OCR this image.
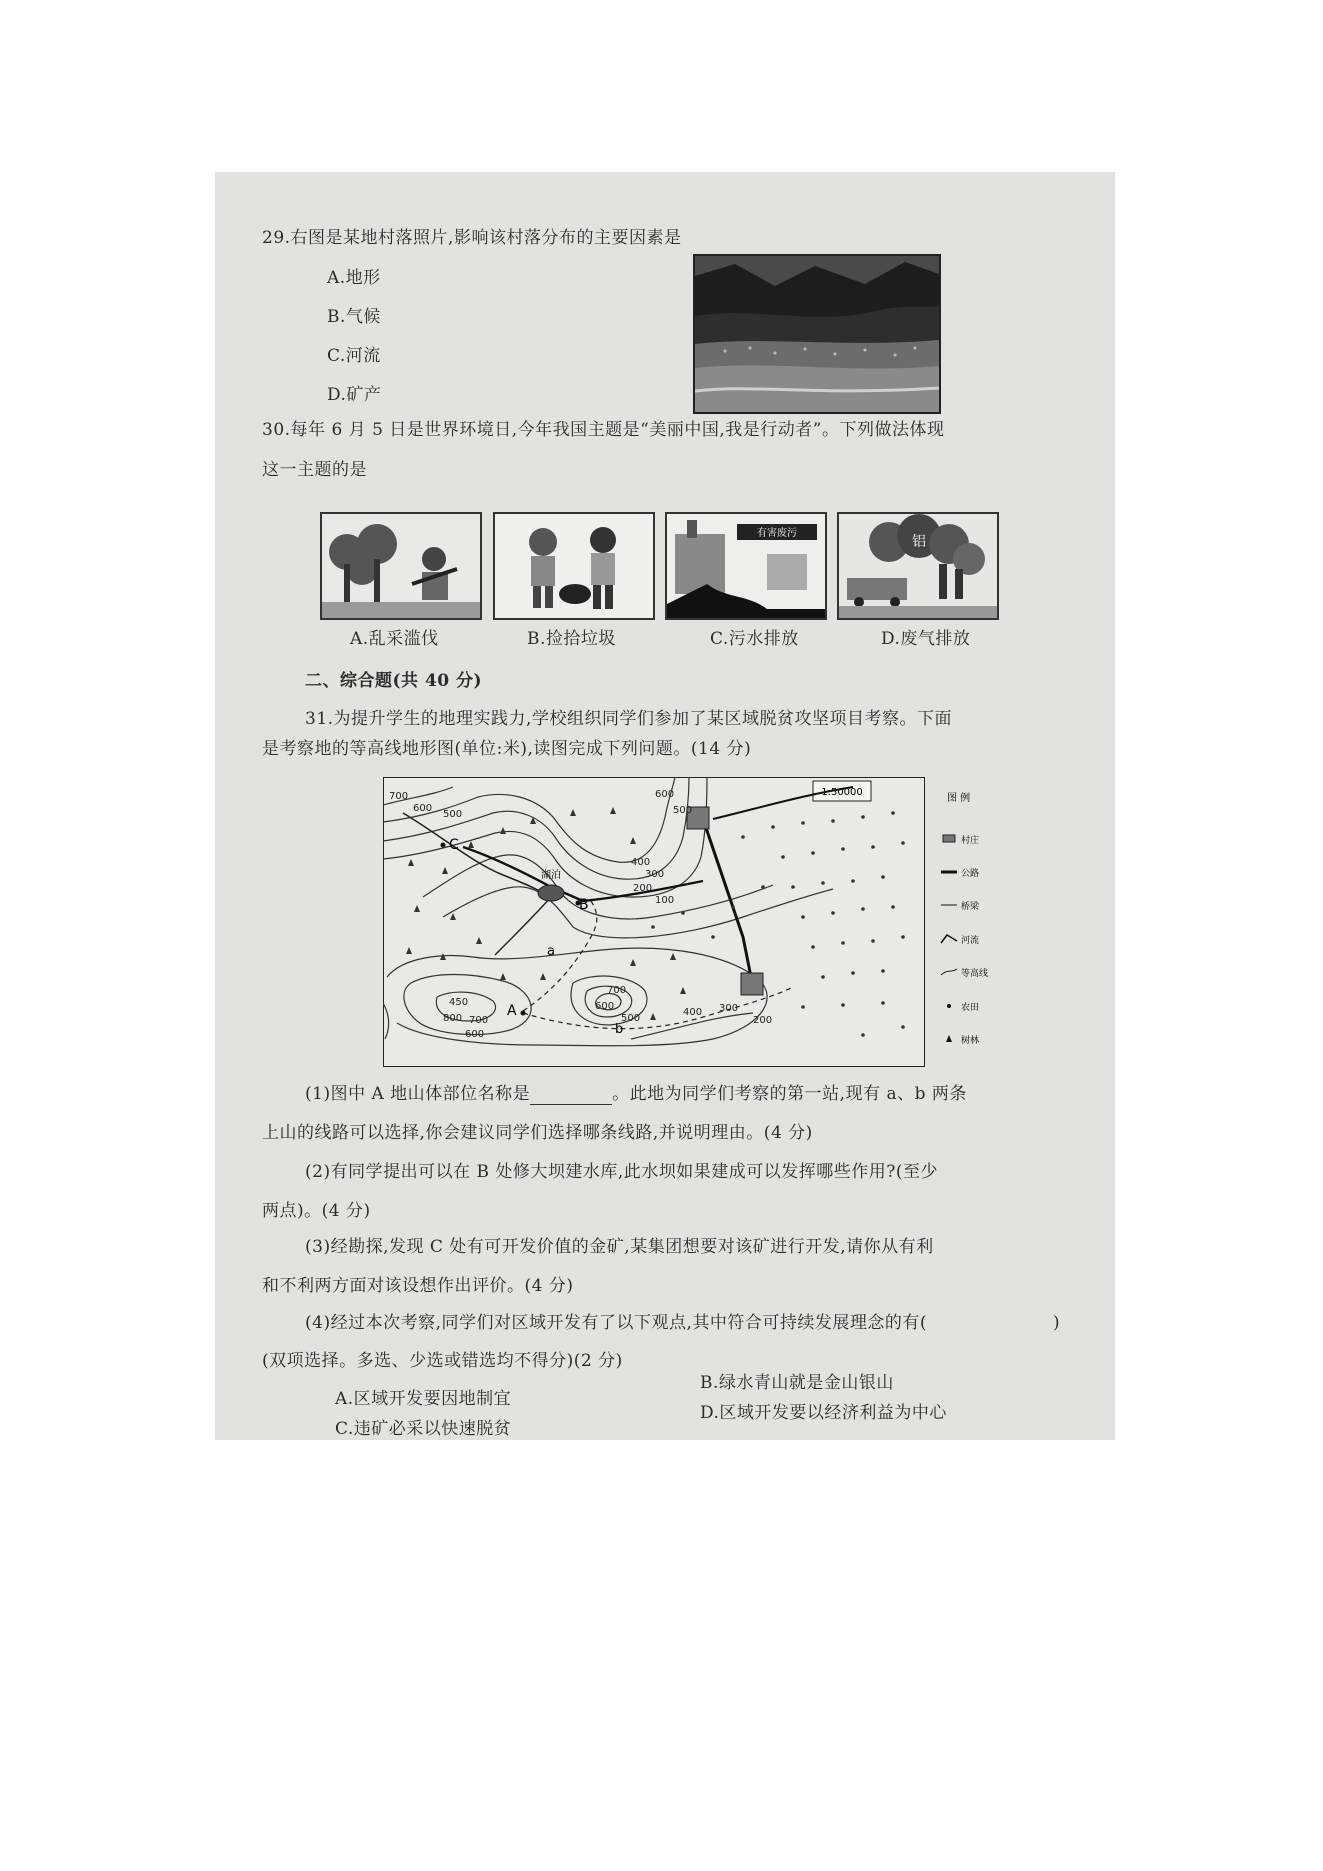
29.右图是某地村落照片,影响该村落分布的主要因素是
A.地形
B.气候
C.河流
D.矿产
30.每年 6 月 5 日是世界环境日,今年我国主题是“美丽中国,我是行动者”。下列做法体现
这一主题的是
有害废污
铝
A.乱采滥伐	B.捡拾垃圾	C.污水排放	D.废气排放
二、综合题(共 40 分)
31.为提升学生的地理实践力,学校组织同学们参加了某区域脱贫攻坚项目考察。下面
是考察地的等高线地形图(单位:米),读图完成下列问题。(14 分)
1:50000
湖泊
700
600
500
600
500
400
300
200
100
700
600
500
400 300
200
450
800 700
600
C
B
A
a
b
图 例
村庄
公路
桥梁
河流
等高线
农田
树林
(1)图中 A 地山体部位名称是	。此地为同学们考察的第一站,现有 a、b 两条
上山的线路可以选择,你会建议同学们选择哪条线路,并说明理由。(4 分)
(2)有同学提出可以在 B 处修大坝建水库,此水坝如果建成可以发挥哪些作用?(至少
两点)。(4 分)
(3)经勘探,发现 C 处有可开发价值的金矿,某集团想要对该矿进行开发,请你从有利
和不利两方面对该设想作出评价。(4 分)
(4)经过本次考察,同学们对区域开发有了以下观点,其中符合可持续发展理念的有(	)
(双项选择。多选、少选或错选均不得分)(2 分)
A.区域开发要因地制宜
B.绿水青山就是金山银山
C.违矿必采以快速脱贫
D.区域开发要以经济利益为中心
